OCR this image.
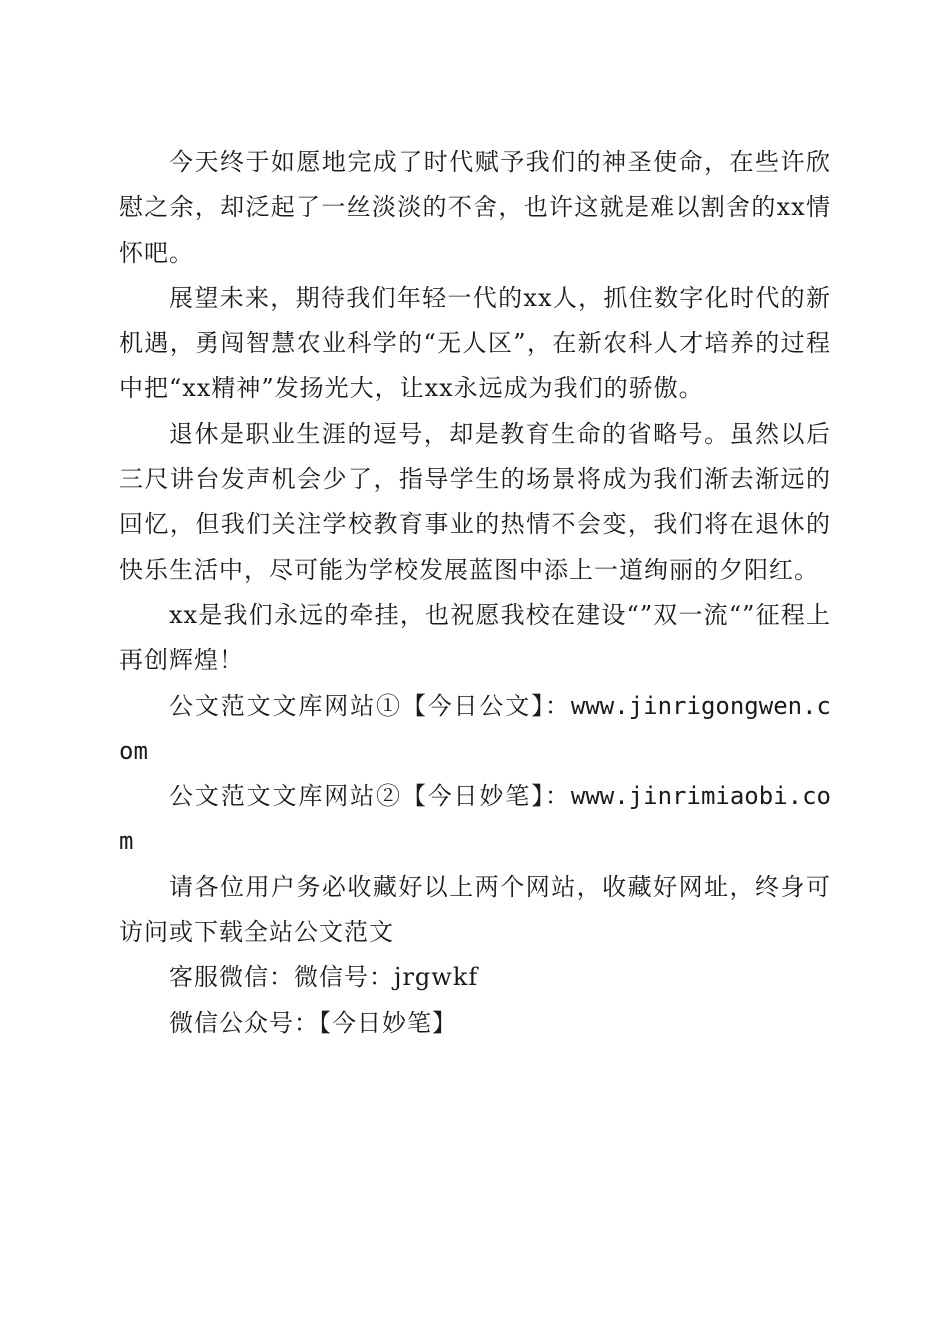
今天终于如愿地完成了时代赋予我们的神圣使命，在些许欣慰之余，却泛起了一丝淡淡的不舍，也许这就是难以割舍的xx情怀吧。

展望未来，期待我们年轻一代的xx人，抓住数字化时代的新机遇，勇闯智慧农业科学的“无人区”，在新农科人才培养的过程中把“xx精神”发扬光大，让xx永远成为我们的骄傲。

退休是职业生涯的逗号，却是教育生命的省略号。虽然以后三尺讲台发声机会少了，指导学生的场景将成为我们渐去渐远的回忆，但我们关注学校教育事业的热情不会变，我们将在退休的快乐生活中，尽可能为学校发展蓝图中添上一道绚丽的夕阳红。

xx是我们永远的牵挂，也祝愿我校在建设“”双一流“”征程上再创辉煌！

公文范文文库网站①【今日公文】：www.jinrigongwen.com

公文范文文库网站②【今日妙笔】：www.jinrimiaobi.com

请各位用户务必收藏好以上两个网站，收藏好网址，终身可访问或下载全站公文范文

客服微信：微信号：jrgwkf

微信公众号：【今日妙笔】
